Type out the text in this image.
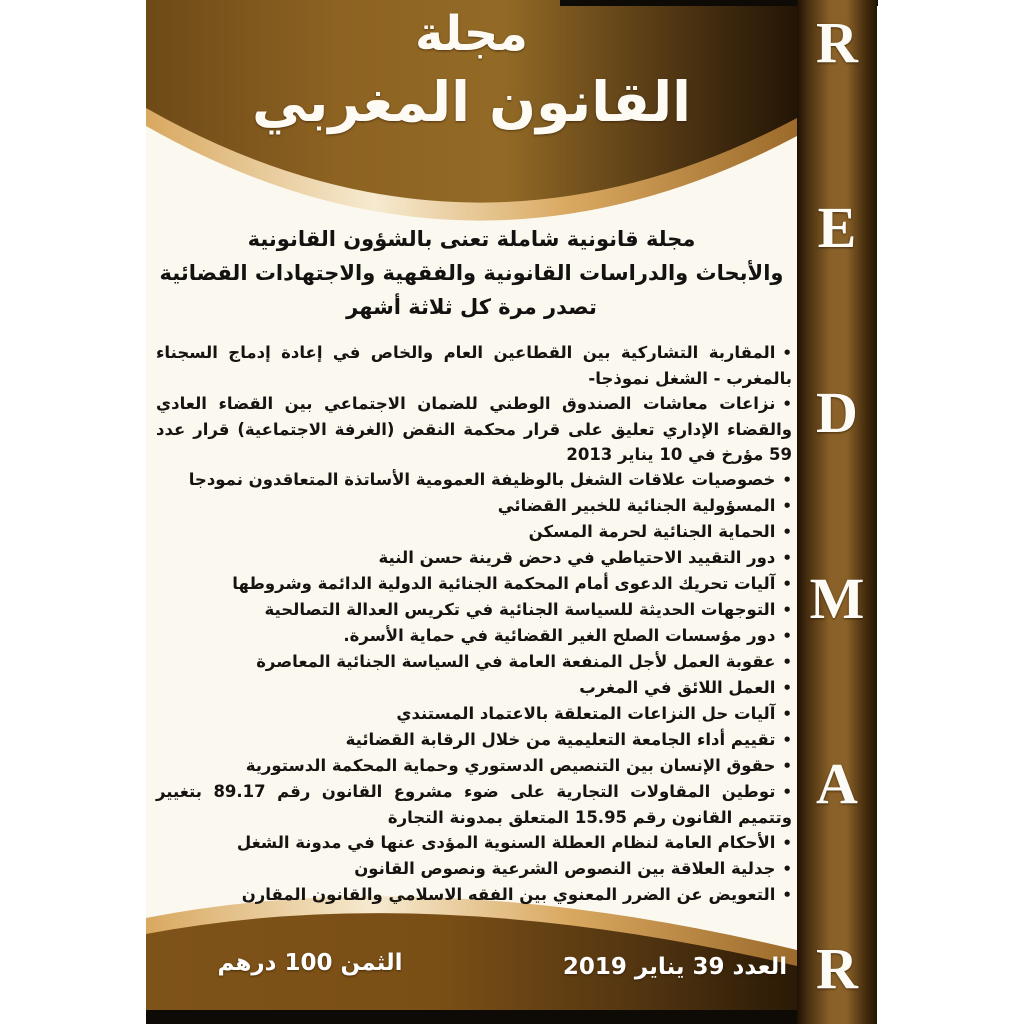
مجلة
القانون المغربي
مجلة قانونية شاملة تعنى بالشؤون القانونية
والأبحاث والدراسات القانونية والفقهية والاجتهادات القضائية
تصدر مرة كل ثلاثة أشهر
• المقاربة التشاركية بين القطاعين العام والخاص في إعادة إدماج السجناء بالمغرب - الشغل نموذجا-
• نزاعات معاشات الصندوق الوطني للضمان الاجتماعي بين القضاء العادي والقضاء الإداري تعليق على قرار محكمة النقض (الغرفة الاجتماعية) قرار عدد 59 مؤرخ في 10 يناير 2013
• خصوصيات علاقات الشغل بالوظيفة العمومية الأساتذة المتعاقدون نمودجا
• المسؤولية الجنائية للخبير القضائي
• الحماية الجنائية لحرمة المسكن
• دور التقييد الاحتياطي في دحض قرينة حسن النية
• آليات تحريك الدعوى أمام المحكمة الجنائية الدولية الدائمة وشروطها
• التوجهات الحديثة للسياسة الجنائية في تكريس العدالة التصالحية
• دور مؤسسات الصلح الغير القضائية في حماية الأسرة.
• عقوبة العمل لأجل المنفعة العامة في السياسة الجنائية المعاصرة
• العمل اللائق في المغرب
• آليات حل النزاعات المتعلقة بالاعتماد المستندي
• تقييم أداء الجامعة التعليمية من خلال الرقابة القضائية
• حقوق الإنسان بين التنصيص الدستوري وحماية المحكمة الدستورية
• توطين المقاولات التجارية على ضوء مشروع القانون رقم 89.17 بتغيير وتتميم القانون رقم 15.95 المتعلق بمدونة التجارة
• الأحكام العامة لنظام العطلة السنوية المؤدى عنها في مدونة الشغل
• جدلية العلاقة بين النصوص الشرعية ونصوص القانون
• التعويض عن الضرر المعنوي بين الفقه الاسلامي والقانون المقارن
R
E
D
M
A
R
الثمن 100 درهم	العدد 39 يناير 2019
